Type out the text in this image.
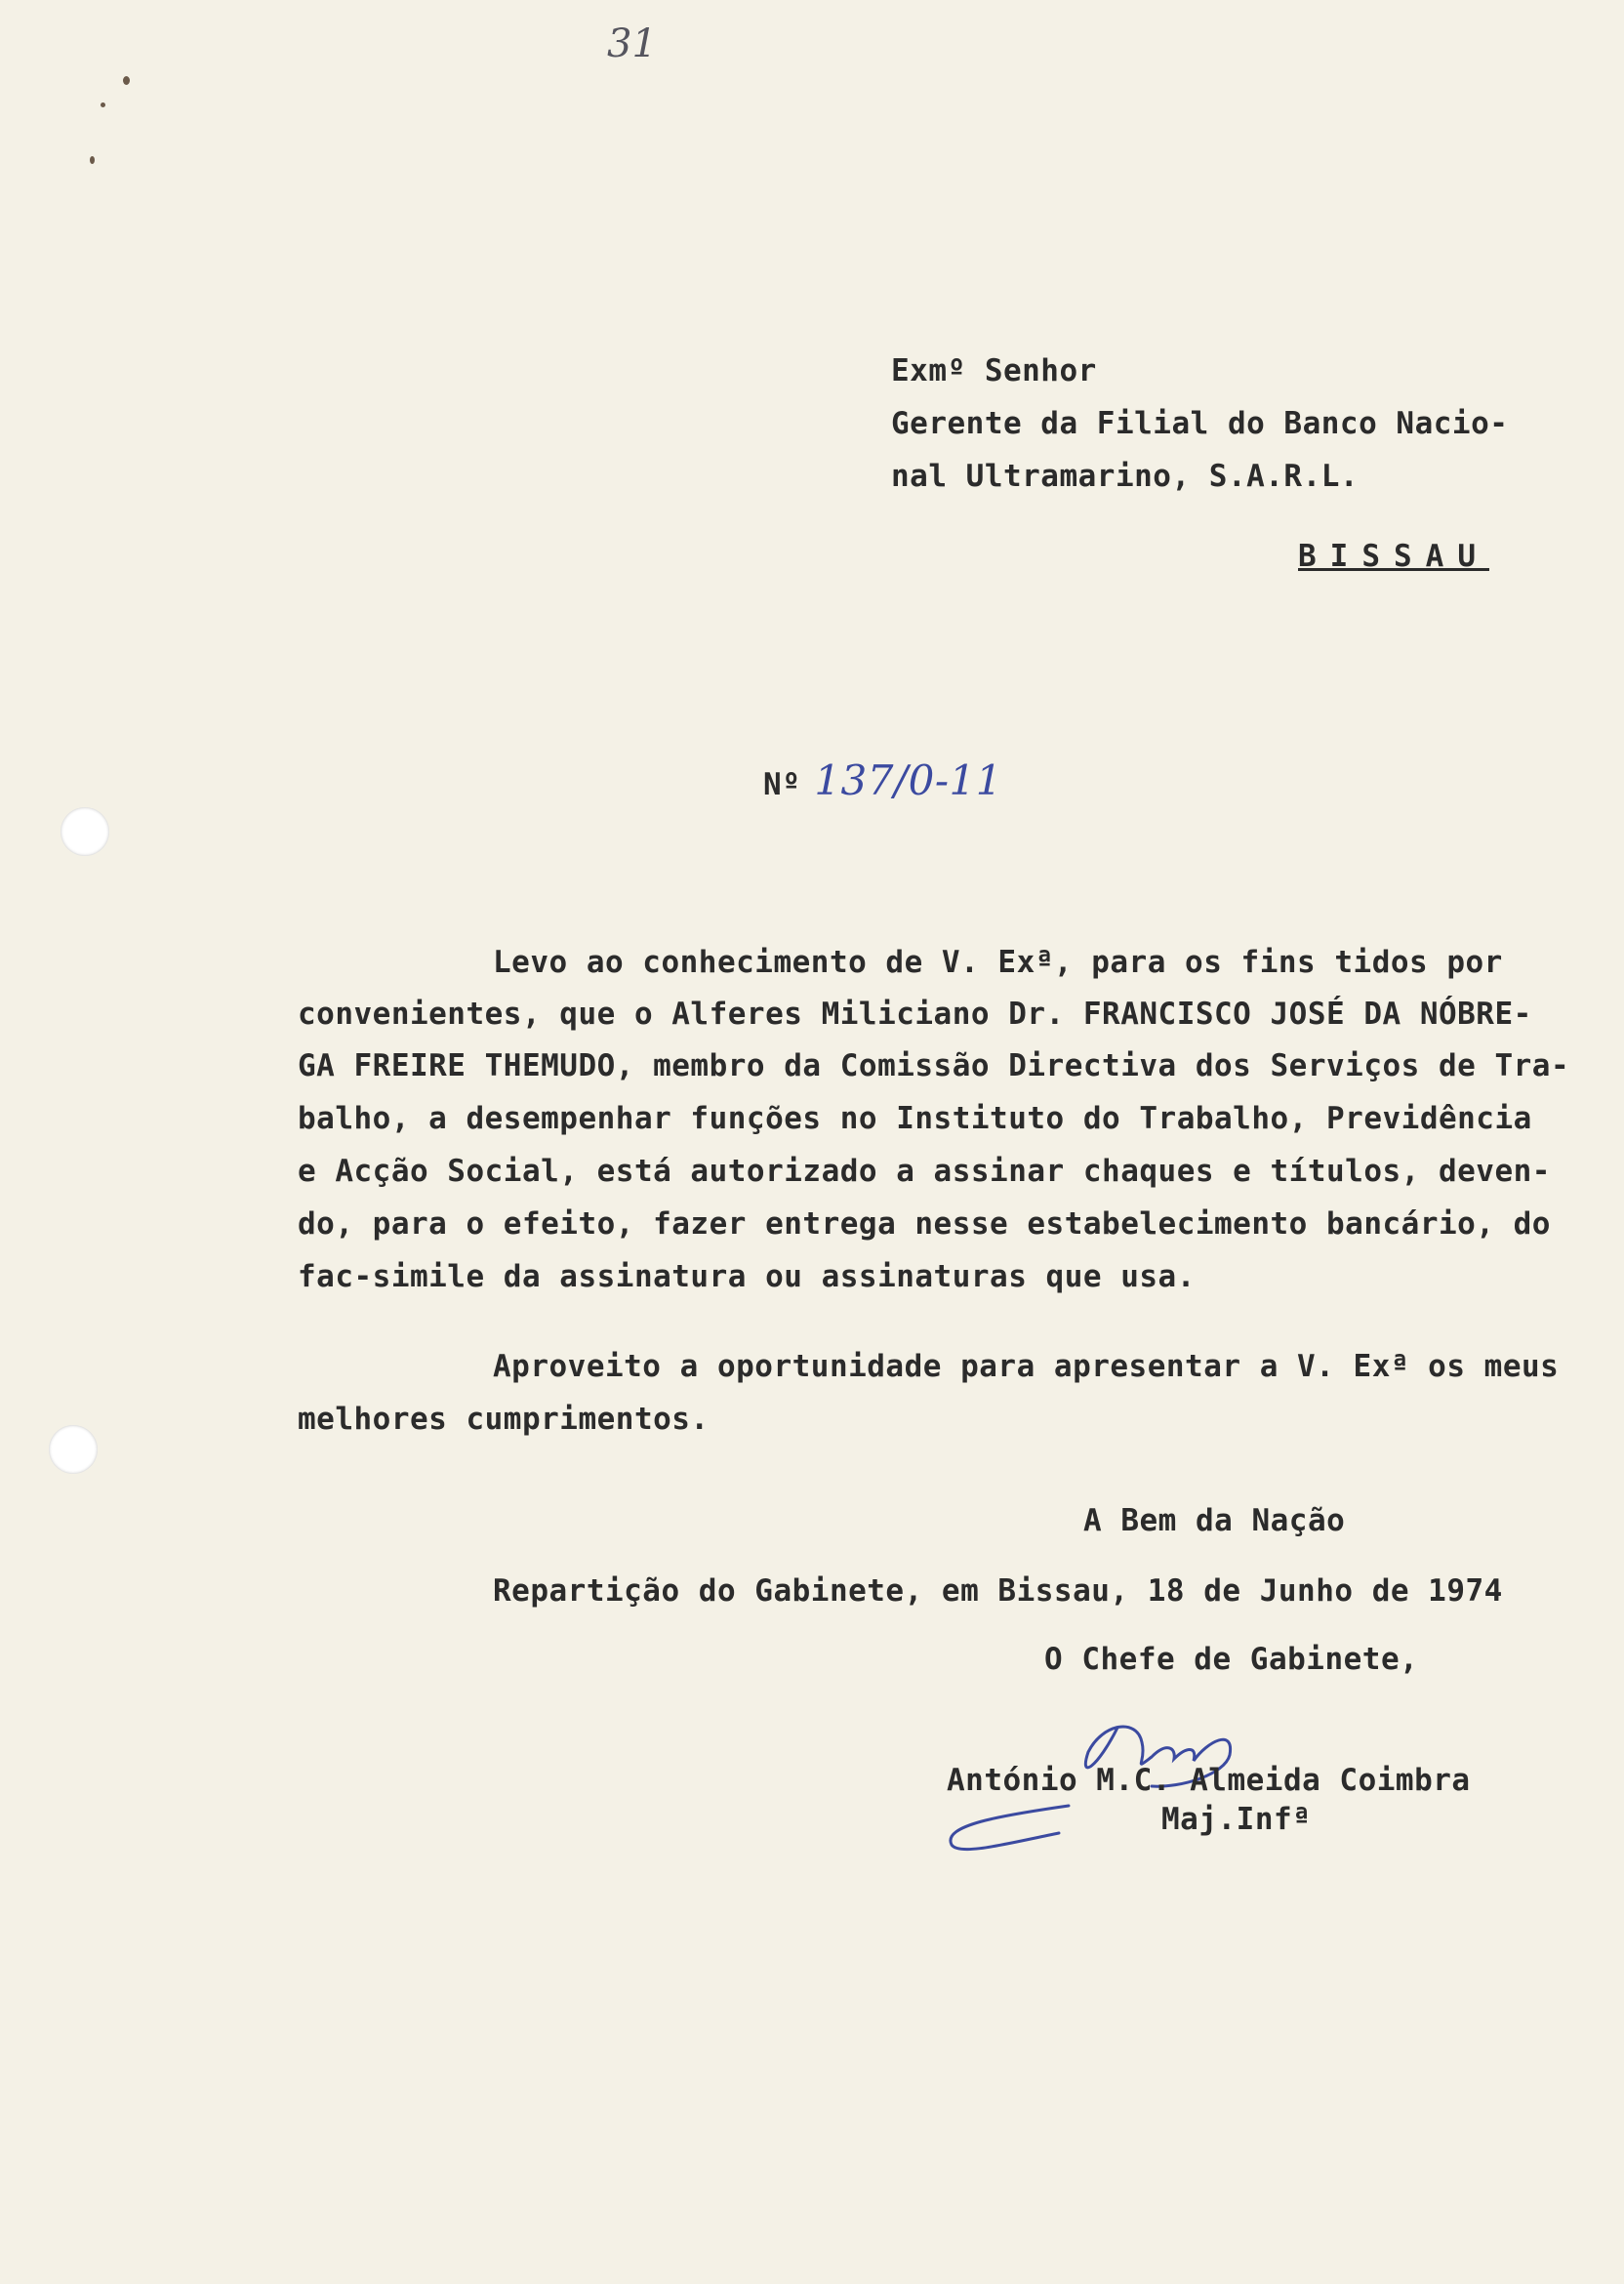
31
Exmº Senhor
Gerente da Filial do Banco Nacio-
nal Ultramarino, S.A.R.L.
BISSAU
Nº 137/0-11
Levo ao conhecimento de V. Exª, para os fins tidos por
convenientes, que o Alferes Miliciano Dr. FRANCISCO JOSÉ DA NÓBRE-
GA FREIRE THEMUDO, membro da Comissão Directiva dos Serviços de Tra-
balho, a desempenhar funções no Instituto do Trabalho, Previdência
e Acção Social, está autorizado a assinar chaques e títulos, deven-
do, para o efeito, fazer entrega nesse estabelecimento bancário, do
fac-simile da assinatura ou assinaturas que usa.
Aproveito a oportunidade para apresentar a V. Exª os meus
melhores cumprimentos.
A Bem da Nação
Repartição do Gabinete, em Bissau, 18 de Junho de 1974
O Chefe de Gabinete,
António M.C. Almeida Coimbra
Maj.Infª
